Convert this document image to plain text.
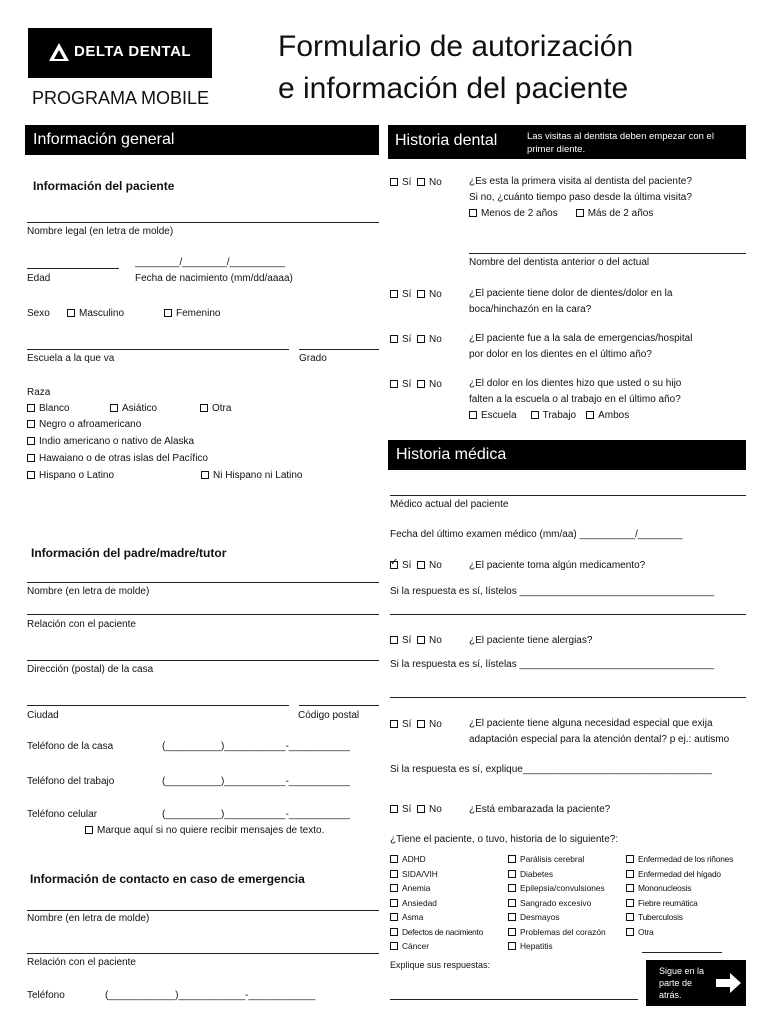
DELTA DENTAL
PROGRAMA MOBILE
Formulario de autorización
e información del paciente
Información general
Información del paciente
Nombre legal (en letra de molde)
________/________/__________
Edad	Fecha de nacimiento (mm/dd/aaaa)
Sexo	Masculino	Femenino
Escuela a la que va	Grado
Raza
Blanco	Asiático	Otra
Negro o afroamericano
Indio americano o nativo de Alaska
Hawaiano o de otras islas del Pacífico
Hispano o Latino	Ni Hispano ni Latino
Información del padre/madre/tutor
Nombre (en letra de molde)
Relación con el paciente
Dirección (postal) de la casa
Ciudad	Código postal
Teléfono de la casa	(__________)___________-___________
Teléfono del trabajo	(__________)___________-___________
Teléfono celular	(__________)___________-___________
Marque aquí si no quiere recibir mensajes de texto.
Información de contacto en caso de emergencia
Nombre (en letra de molde)
Relación con el paciente
Teléfono	(____________)____________-____________
Historia dental	Las visitas al dentista deben empezar con el primer diente.
Sí No	¿Es esta la primera visita al dentista del paciente?
Si no, ¿cuánto tiempo paso desde la última visita?
Menos de 2 años	Más de 2 años
Nombre del dentista anterior o del actual
Sí No	¿El paciente tiene dolor de dientes/dolor en la
boca/hinchazón en la cara?
Sí No	¿El paciente fue a la sala de emergencias/hospital
por dolor en los dientes en el último año?
Sí No	¿El dolor en los dientes hizo que usted o su hijo
falten a la escuela o al trabajo en el último año?
Escuela	Trabajo Ambos
Historia médica
Médico actual del paciente
Fecha del último examen médico (mm/aa) __________/________
✓Sí No	¿El paciente toma algún medicamento?
Si la respuesta es sí, lístelos ___________________________________
Sí No	¿El paciente tiene alergias?
Si la respuesta es sí, lístelas ___________________________________
Sí No	¿El paciente tiene alguna necesidad especial que exija
adaptación especial para la atención dental? p ej.: autismo
Si la respuesta es sí, explique__________________________________
Sí No	¿Está embarazada la paciente?
¿Tiene el paciente, o tuvo, historia de lo siguiente?:
ADHD
SIDA/VIH
Anemia
Ansiedad
Asma
Defectos de nacimiento
Cáncer
Parálisis cerebral
Diabetes
Epilepsia/convulsiones
Sangrado excesivo
Desmayos
Problemas del corazón
Hepatitis
Enfermedad de los riñones
Enfermedad del hígado
Mononucleosis
Fiebre reumática
Tuberculosis
Otra
Explique sus respuestas:
Sigue en la parte de atrás.
